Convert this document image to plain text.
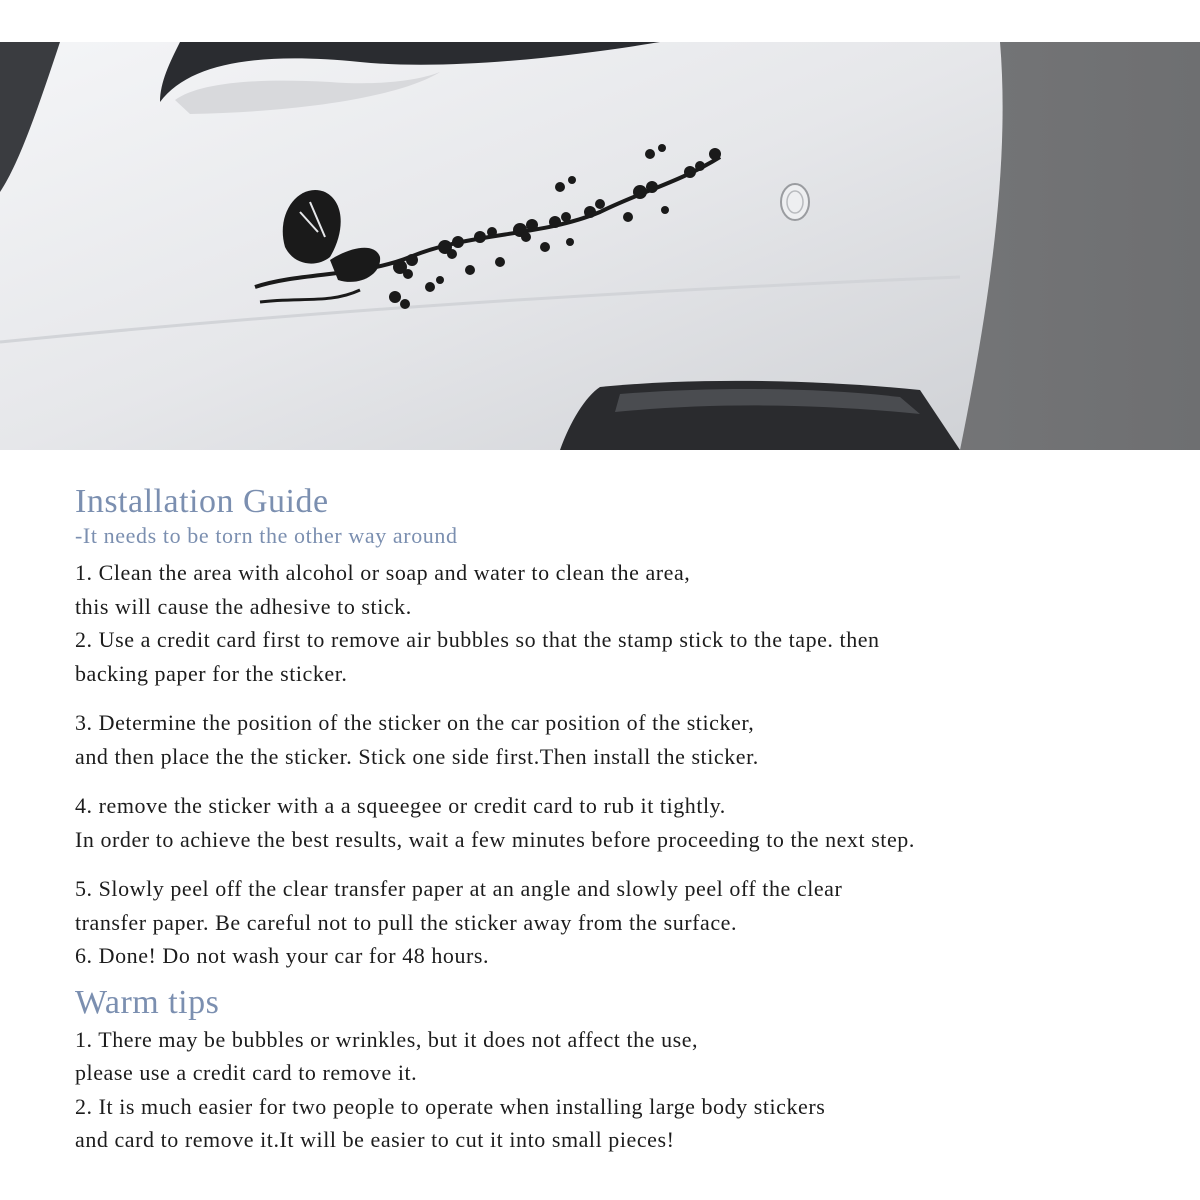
Installation Guide

-It needs to be torn the other way around

1. Clean the area with alcohol or soap and water to clean the area,

this will cause the adhesive to stick.

2. Use a credit card first to remove air bubbles so that the stamp stick to the tape. then

backing paper for the sticker.

3. Determine the position of the sticker on the car position of the sticker,

and then place the the sticker. Stick one side first.Then install the sticker.

4. remove the sticker with a a squeegee or credit card to rub it tightly.

In order to achieve the best results, wait a few minutes before proceeding to the next step.

5. Slowly peel off the clear transfer paper at an angle and slowly peel off the clear

transfer paper. Be careful not to pull the sticker away from the surface.

6. Done! Do not wash your car for 48 hours.

Warm tips

1. There may be bubbles or wrinkles, but it does not affect the use,

please use a credit card to remove it.

2. It is much easier for two people to operate when installing large body stickers

and card to remove it.It will be easier to cut it into small pieces!
